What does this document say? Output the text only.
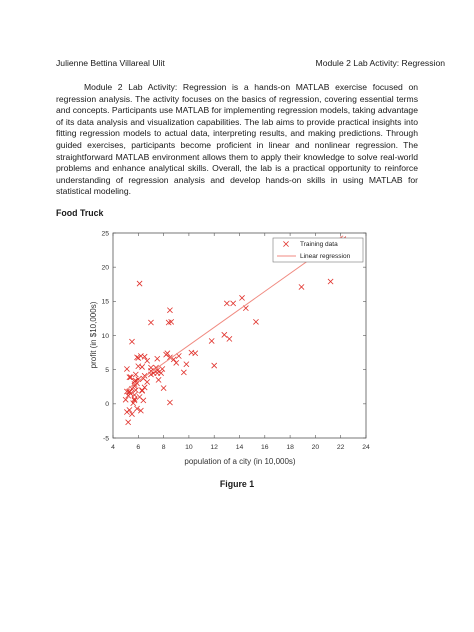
Julienne Bettina Villareal Ulit	Module 2 Lab Activity: Regression
Module 2 Lab Activity: Regression is a hands-on MATLAB exercise focused on regression analysis. The activity focuses on the basics of regression, covering essential terms and concepts. Participants use MATLAB for implementing regression models, taking advantage of its data analysis and visualization capabilities. The lab aims to provide practical insights into fitting regression models to actual data, interpreting results, and making predictions. Through guided exercises, participants become proficient in linear and nonlinear regression. The straightforward MATLAB environment allows them to apply their knowledge to solve real-world problems and enhance analytical skills. Overall, the lab is a practical opportunity to reinforce understanding of regression analysis and develop hands-on skills in using MATLAB for statistical modeling.
Food Truck
4	6	8	10	12	14	16	18	20	22	24
-5
0
5
10
15
20
25
Training data
Linear regression
population of a city (in 10,000s)
profit (in $10,000s)
Figure 1
